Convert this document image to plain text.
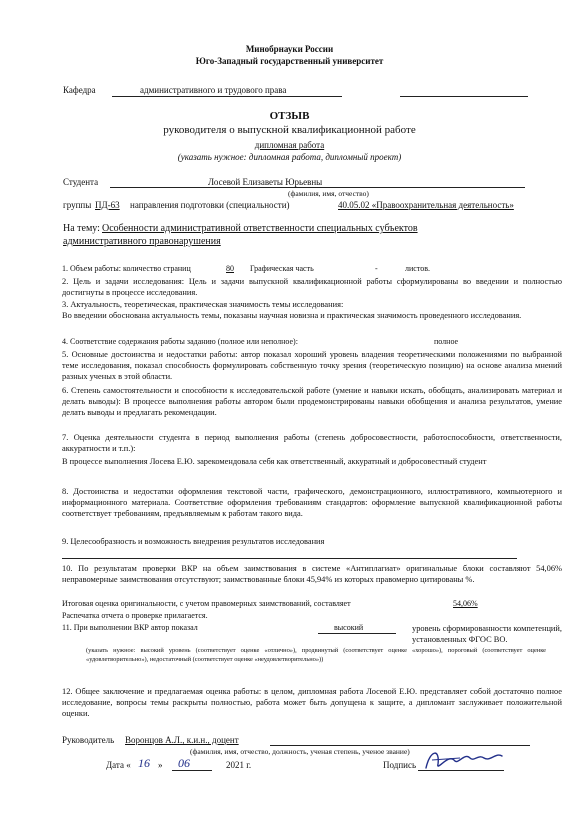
Минобрнауки России
Юго-Западный государственный университет
Кафедра	административного и трудового права
ОТЗЫВ
руководителя о выпускной квалификационной работе
дипломная работа
(указать нужное: дипломная работа, дипломный проект)
Студента	Лосевой Елизаветы Юрьевны
(фамилия, имя, отчество)
группы ПД-63 направления подготовки (специальности)	40.05.02 «Правоохранительная деятельность»
На тему: Особенности административной ответственности специальных субъектов
административного правонарушения
1. Объем работы: количество страниц	80 Графическая часть	-	листов.
2. Цель и задачи исследования: Цель и задачи выпускной квалификационной работы сформулированы во введении и полностью достигнуты в процессе исследования.
3. Актуальность, теоретическая, практическая значимость темы исследования:
Во введении обоснована актуальность темы, показаны научная новизна и практическая значимость проведенного исследования.
4. Соответствие содержания работы заданию (полное или неполное):	полное
5. Основные достоинства и недостатки работы: автор показал хороший уровень владения теоретическими положениями по выбранной теме исследования, показал способность формулировать собственную точку зрения (теоретическую позицию) на основе анализа мнений разных ученых в этой области.
6. Степень самостоятельности и способности к исследовательской работе (умение и навыки искать, обобщать, анализировать материал и делать выводы): В процессе выполнения работы автором были продемонстрированы навыки обобщения и анализа результатов, умение делать выводы и предлагать рекомендации.
7. Оценка деятельности студента в период выполнения работы (степень добросовестности, работоспособности, ответственности, аккуратности и т.п.):
В процессе выполнения Лосева Е.Ю. зарекомендовала себя как ответственный, аккуратный и добросовестный студент
8. Достоинства и недостатки оформления текстовой части, графического, демонстрационного, иллюстративного, компьютерного и информационного материала. Соответствие оформления требованиям стандартов: оформление выпускной квалификационной работы соответствует требованиям, предъявляемым к работам такого вида.
9. Целесообразность и возможность внедрения результатов исследования
10. По результатам проверки ВКР на объем заимствования в системе «Антиплагиат» оригинальные блоки составляют 54,06% неправомерные заимствования отсутствуют; заимствованные блоки 45,94% из которых правомерно цитированы %.
Итоговая оценка оригинальности, с учетом правомерных заимствований, составляет	54,06%
Распечатка отчета о проверке прилагается.
11. При выполнении ВКР автор показал	высокий	уровень сформированности компетенций, установленных ФГОС ВО.
(указать нужное: высокий уровень (соответствует оценке «отлично»), продвинутый (соответствует оценке «хорошо»), пороговый (соответствует оценке «удовлетворительно»), недостаточный (соответствует оценке «неудовлетворительно»))
12. Общее заключение и предлагаемая оценка работы: в целом, дипломная работа Лосевой Е.Ю. представляет собой достаточно полное исследование, вопросы темы раскрыты полностью, работа может быть допущена к защите, а дипломант заслуживает положительной оценки.
Руководитель Воронцов А.Л., к.и.н., доцент
(фамилия, имя, отчество, должность, ученая степень, ученое звание)
Дата « 16 » 06	2021 г.	Подпись
